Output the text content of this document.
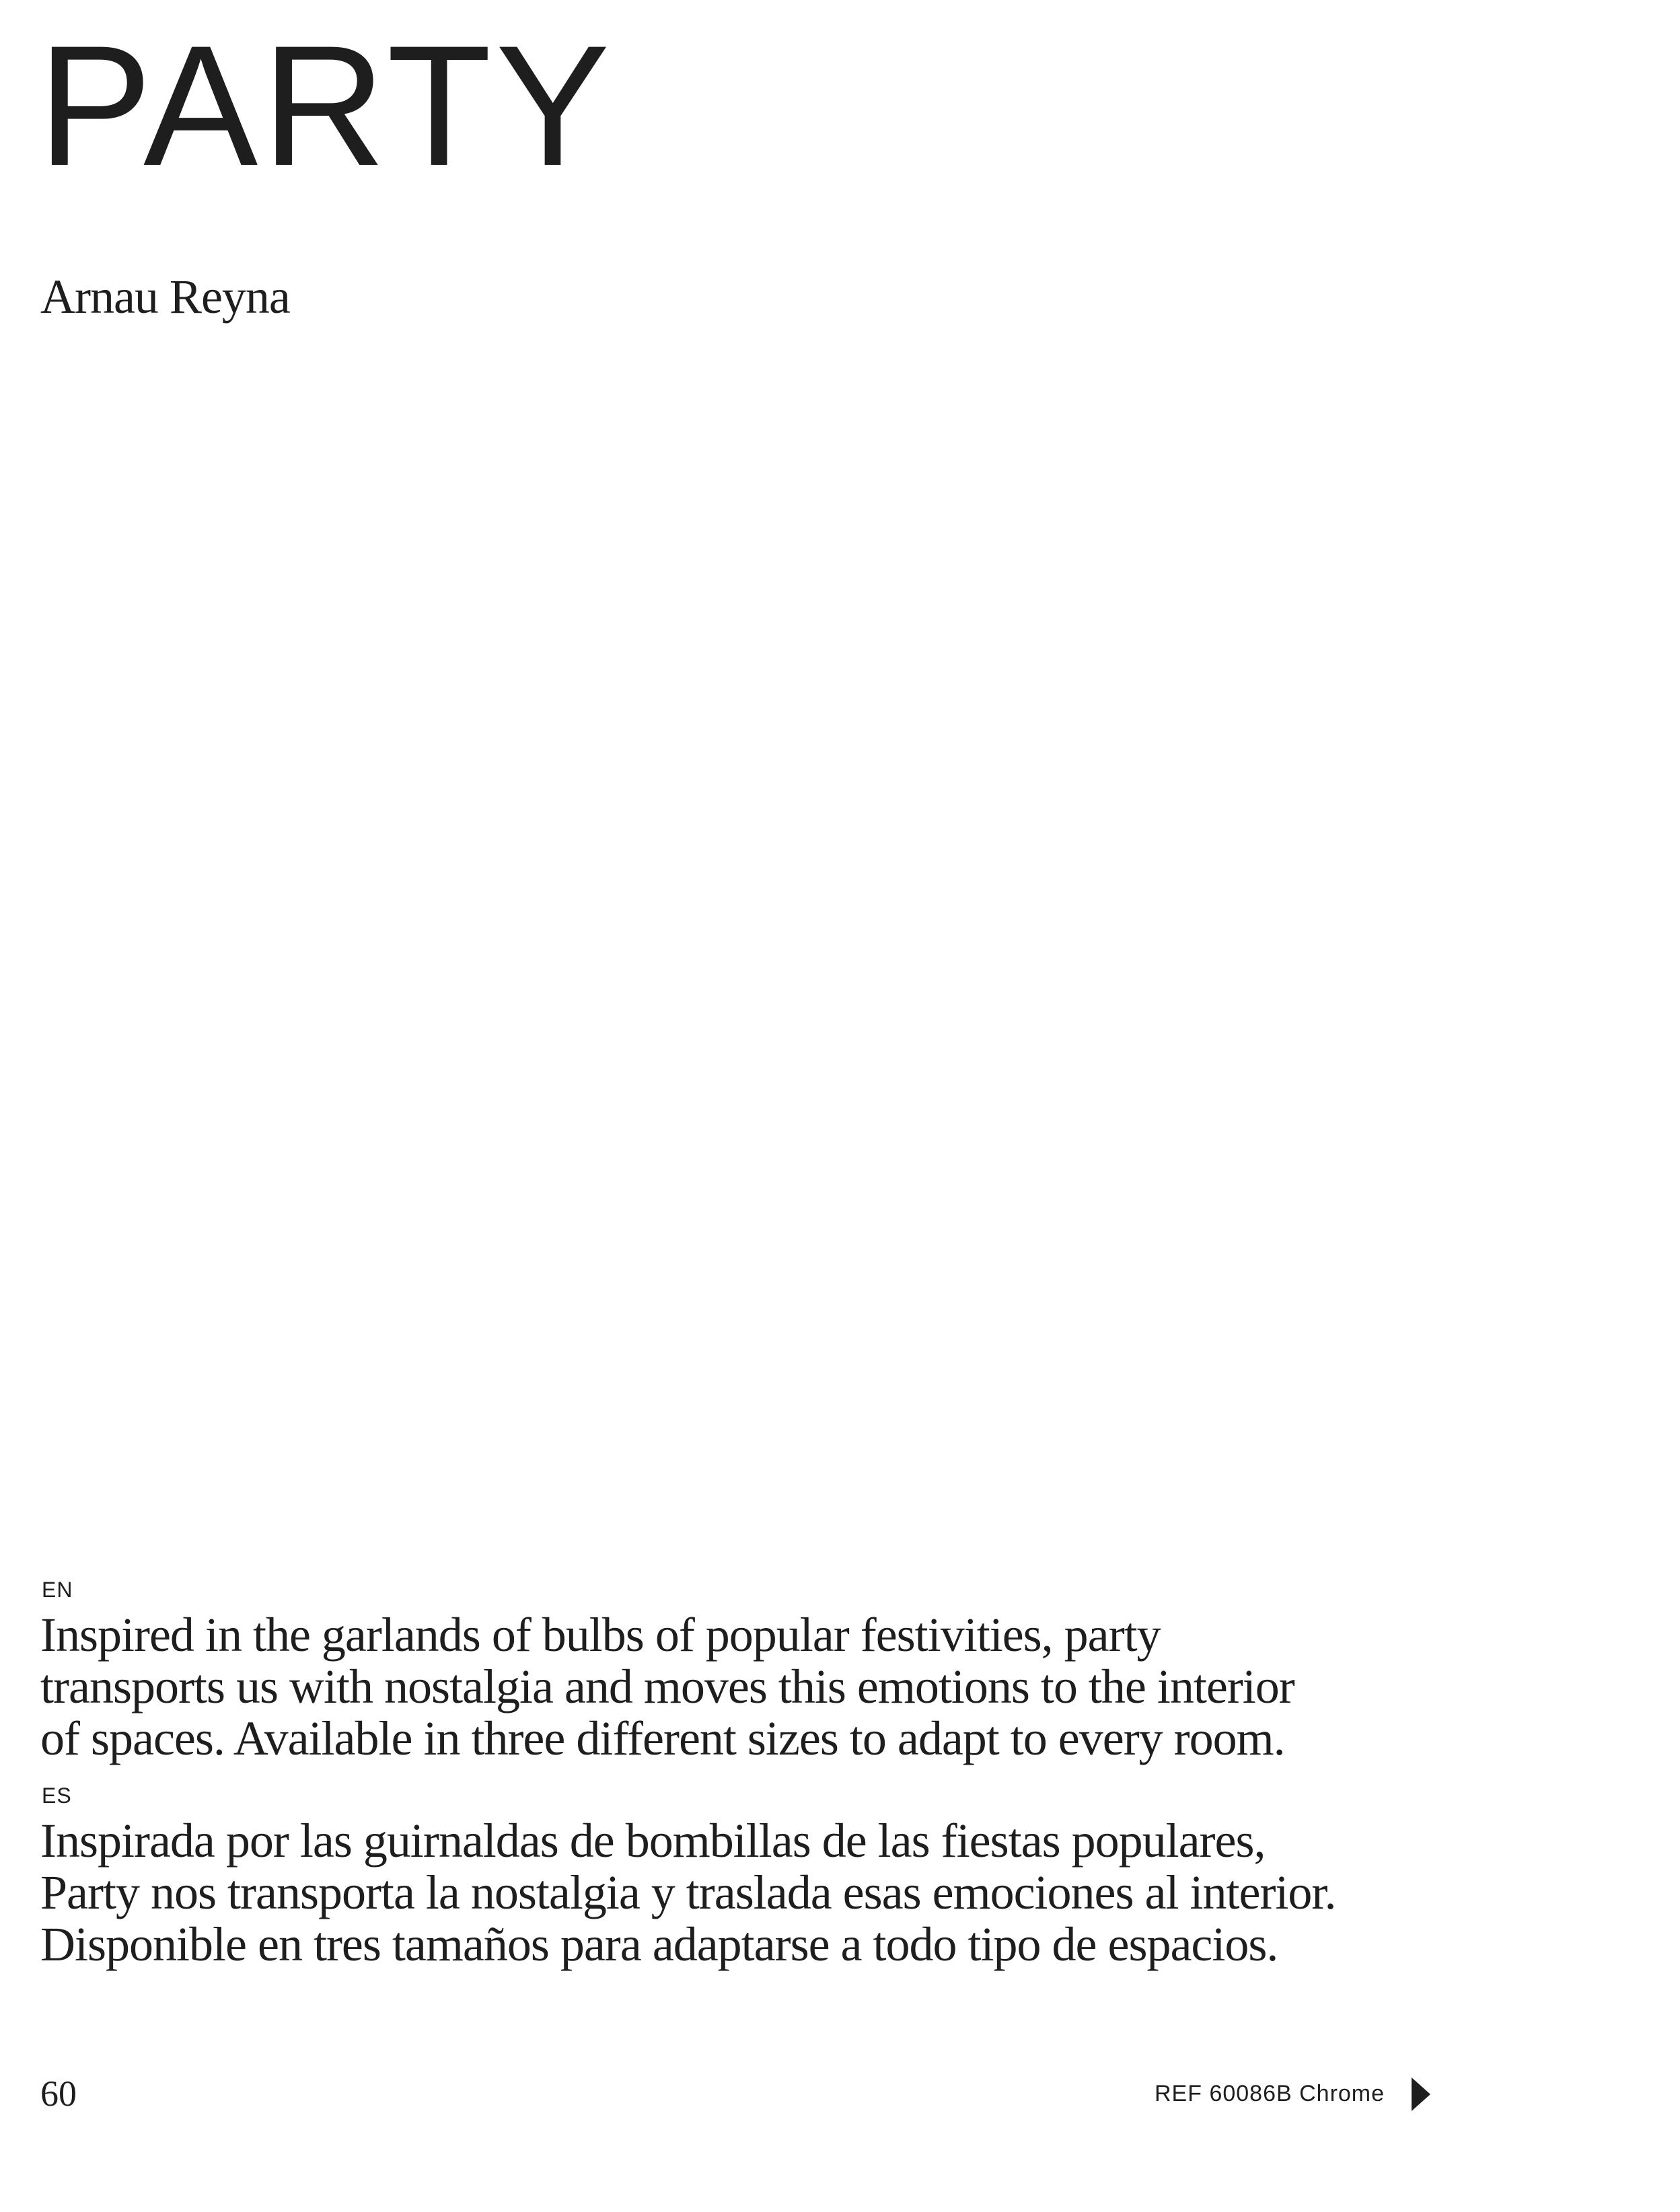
PARTY
Arnau Reyna
EN

Inspired in the garlands of bulbs of popular festivities, party
transports us with nostalgia and moves this emotions to the interior
of spaces. Available in three different sizes to adapt to every room.

ES

Inspirada por las guirnaldas de bombillas de las fiestas populares,
Party nos transporta la nostalgia y traslada esas emociones al interior.
Disponible en tres tamaños para adaptarse a todo tipo de espacios.

60	REF 60086B Chrome
